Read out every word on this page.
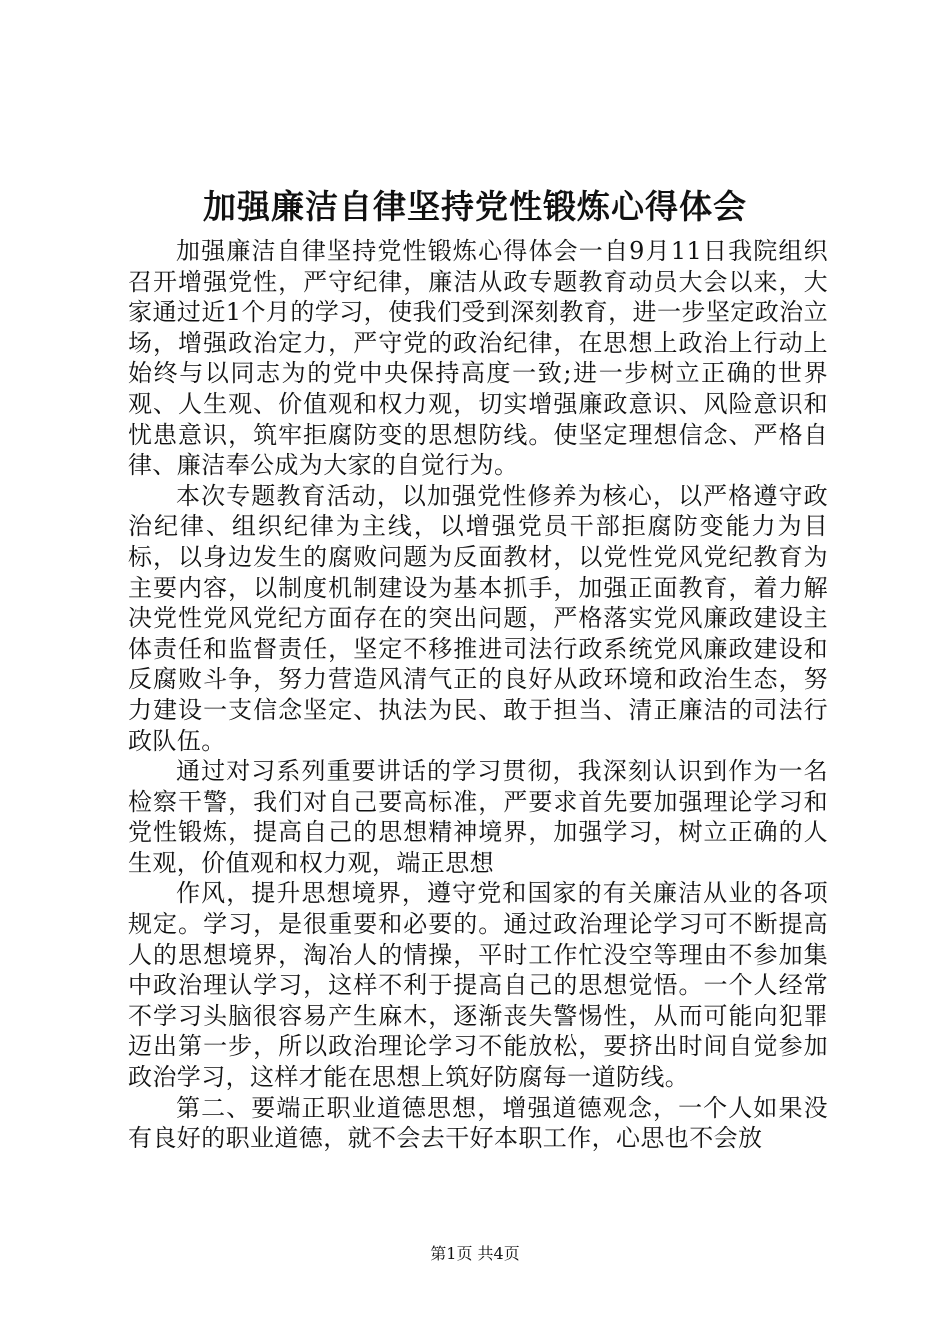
加强廉洁自律坚持党性锻炼心得体会

加强廉洁自律坚持党性锻炼心得体会一自9月11日我院组织召开增强党性，严守纪律，廉洁从政专题教育动员大会以来，大家通过近1个月的学习，使我们受到深刻教育，进一步坚定政治立场，增强政治定力，严守党的政治纪律，在思想上政治上行动上始终与以同志为的党中央保持高度一致;进一步树立正确的世界观、人生观、价值观和权力观，切实增强廉政意识、风险意识和忧患意识，筑牢拒腐防变的思想防线。使坚定理想信念、严格自律、廉洁奉公成为大家的自觉行为。

本次专题教育活动，以加强党性修养为核心，以严格遵守政治纪律、组织纪律为主线，以增强党员干部拒腐防变能力为目标，以身边发生的腐败问题为反面教材，以党性党风党纪教育为主要内容，以制度机制建设为基本抓手，加强正面教育，着力解决党性党风党纪方面存在的突出问题，严格落实党风廉政建设主体责任和监督责任，坚定不移推进司法行政系统党风廉政建设和反腐败斗争，努力营造风清气正的良好从政环境和政治生态，努力建设一支信念坚定、执法为民、敢于担当、清正廉洁的司法行政队伍。

通过对习系列重要讲话的学习贯彻，我深刻认识到作为一名检察干警，我们对自己要高标准，严要求首先要加强理论学习和党性锻炼，提高自己的思想精神境界，加强学习，树立正确的人生观，价值观和权力观，端正思想

作风，提升思想境界，遵守党和国家的有关廉洁从业的各项规定。学习，是很重要和必要的。通过政治理论学习可不断提高人的思想境界，淘冶人的情操，平时工作忙没空等理由不参加集中政治理认学习，这样不利于提高自己的思想觉悟。一个人经常不学习头脑很容易产生麻木，逐渐丧失警惕性，从而可能向犯罪迈出第一步，所以政治理论学习不能放松，要挤出时间自觉参加政治学习，这样才能在思想上筑好防腐每一道防线。

第二、要端正职业道德思想，增强道德观念，一个人如果没有良好的职业道德，就不会去干好本职工作，心思也不会放

第1页 共4页
